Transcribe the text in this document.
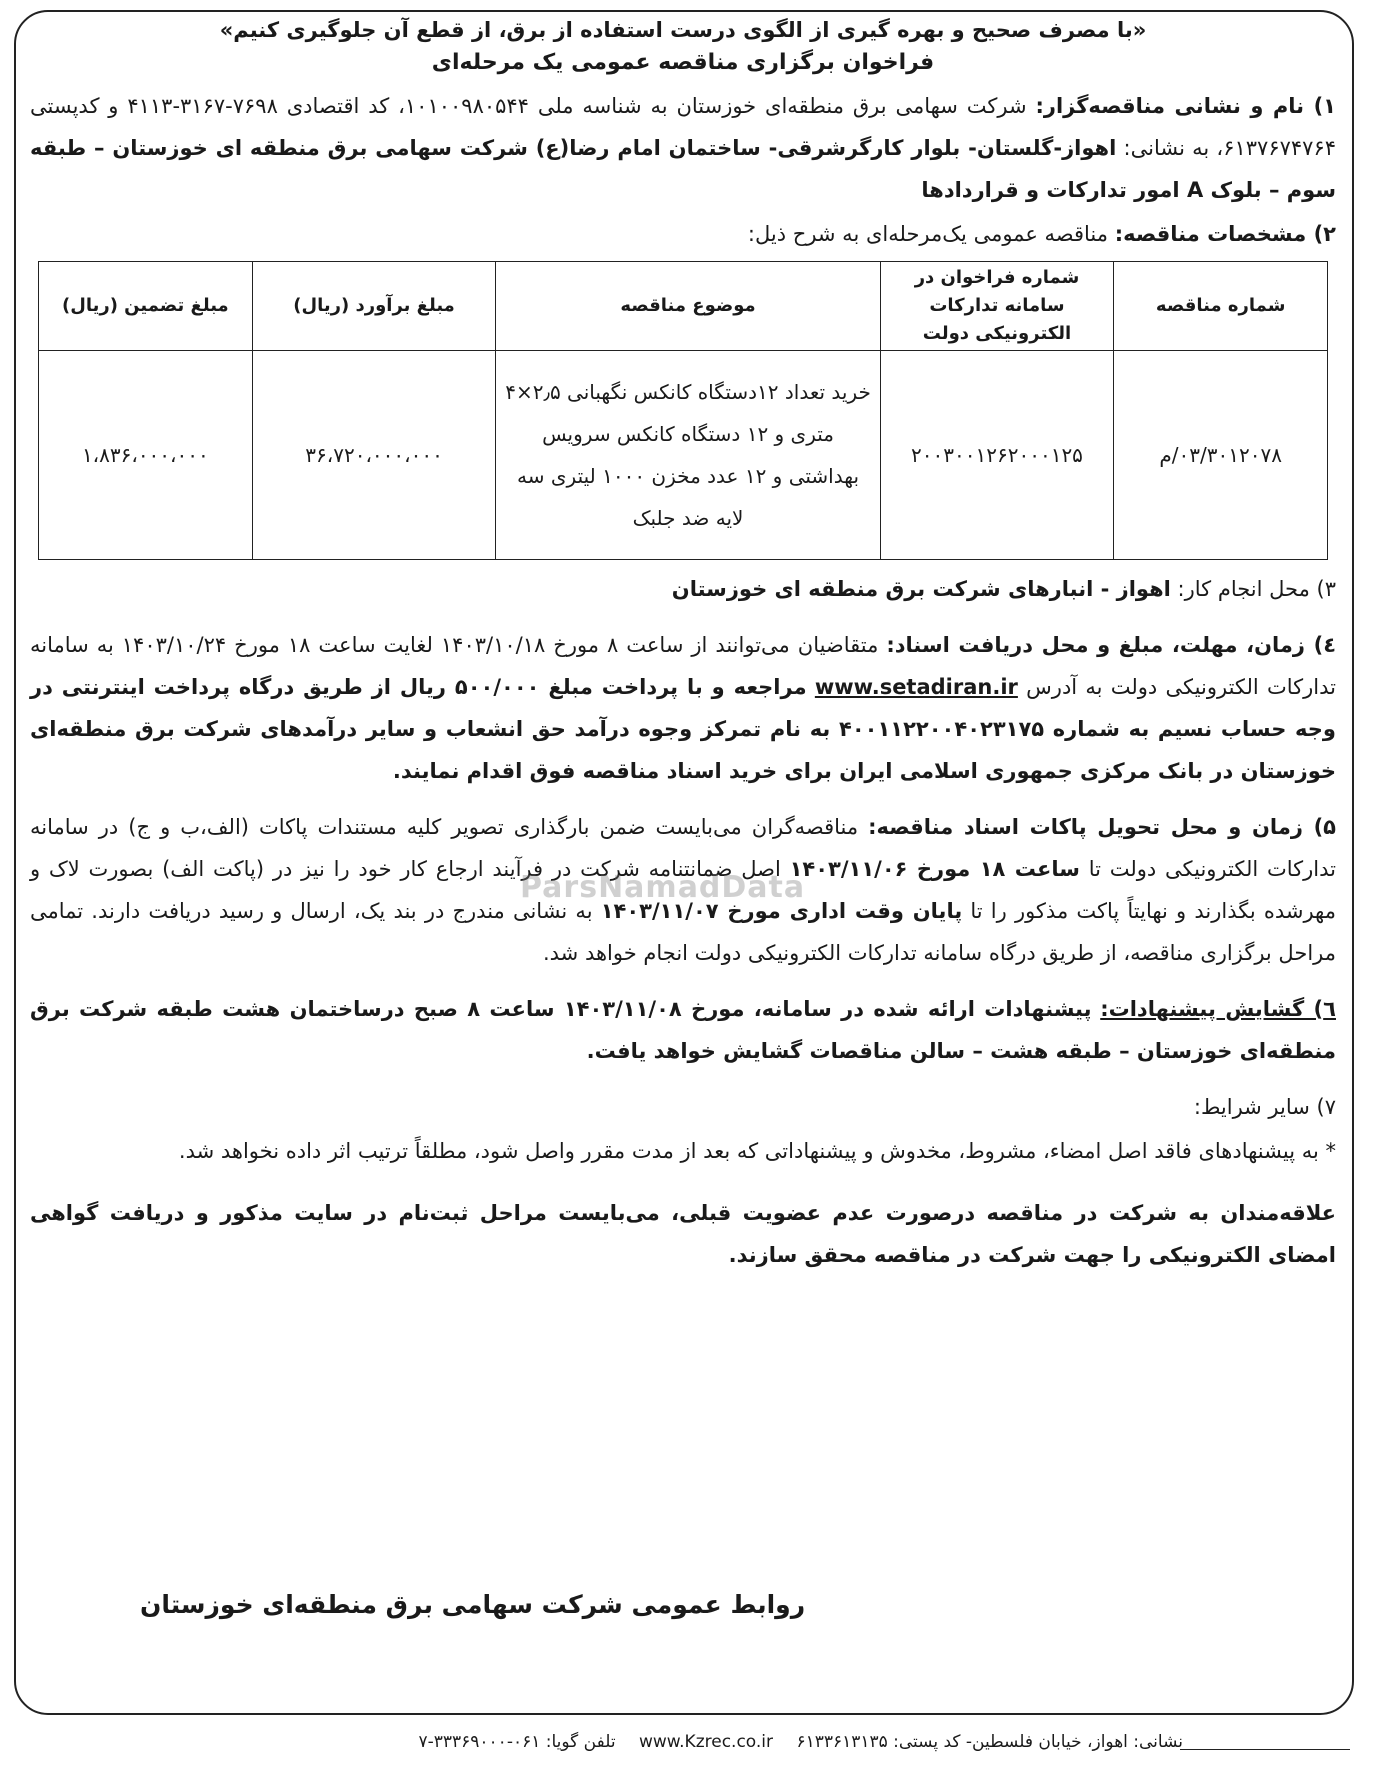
«با مصرف صحیح و بهره گیری از الگوی درست استفاده از برق، از قطع آن جلوگیری کنیم»
فراخوان برگزاری مناقصه عمومی یک مرحله‌ای
۱) نام و نشانی مناقصه‌گزار: شرکت سهامی برق منطقه‌ای خوزستان به شناسه ملی ۱۰۱۰۰۹۸۰۵۴۴، کد اقتصادی ۷۶۹۸-۳۱۶۷-۴۱۱۳ و کدپستی ۶۱۳۷۶۷۴۷۶۴، به نشانی: اهواز-گلستان- بلوار کارگرشرقی- ساختمان امام رضا(ع) شرکت سهامی برق منطقه ای خوزستان – طبقه سوم – بلوک A امور تدارکات و قراردادها
۲) مشخصات مناقصه: مناقصه عمومی یک‌مرحله‌ای به شرح ذیل:
شماره مناقصه	شماره فراخوان در سامانه تدارکات الکترونیکی دولت	موضوع مناقصه	مبلغ برآورد (ریال)	مبلغ تضمین (ریال)
۰۳/۳۰۱۲۰۷۸/م	۲۰۰۳۰۰۱۲۶۲۰۰۰۱۲۵	خرید تعداد ۱۲دستگاه کانکس نگهبانی ۲٫۵×۴ متری و ۱۲ دستگاه کانکس سرویس بهداشتی و ۱۲ عدد مخزن ۱۰۰۰ لیتری سه لایه ضد جلبک	۳۶،۷۲۰،۰۰۰،۰۰۰	۱،۸۳۶،۰۰۰،۰۰۰
۳) محل انجام کار: اهواز - انبارهای شرکت برق منطقه ای خوزستان
٤) زمان، مهلت، مبلغ و محل دریافت اسناد: متقاضیان می‌توانند از ساعت ۸ مورخ ۱۴۰۳/۱۰/۱۸ لغایت ساعت ۱۸ مورخ ۱۴۰۳/۱۰/۲۴ به سامانه تدارکات الکترونیکی دولت به آدرس www.setadiran.ir مراجعه و با پرداخت مبلغ ۵۰۰/۰۰۰ ریال از طریق درگاه پرداخت اینترنتی در وجه حساب نسیم به شماره ۴۰۰۱۱۲۲۰۰۴۰۲۳۱۷۵ به نام تمرکز وجوه درآمد حق انشعاب و سایر درآمدهای شرکت برق منطقه‌ای خوزستان در بانک مرکزی جمهوری اسلامی ایران برای خرید اسناد مناقصه فوق اقدام نمایند.
۵) زمان و محل تحویل پاکات اسناد مناقصه: مناقصه‌گران می‌بایست ضمن بارگذاری تصویر کلیه مستندات پاکات (الف،ب و ج) در سامانه تدارکات الکترونیکی دولت تا ساعت ۱۸ مورخ ۱۴۰۳/۱۱/۰۶ اصل ضمانتنامه شرکت در فرآیند ارجاع کار خود را نیز در (پاکت الف) بصورت لاک و مهرشده بگذارند و نهایتاً پاکت مذکور را تا پایان وقت اداری مورخ ۱۴۰۳/۱۱/۰۷ به نشانی مندرج در بند یک، ارسال و رسید دریافت دارند. تمامی مراحل برگزاری مناقصه، از طریق درگاه سامانه تدارکات الکترونیکی دولت انجام خواهد شد.
٦) گشایش پیشنهادات: پیشنهادات ارائه شده در سامانه، مورخ ۱۴۰۳/۱۱/۰۸ ساعت ۸ صبح درساختمان هشت طبقه شرکت برق منطقه‌ای خوزستان – طبقه هشت – سالن مناقصات گشایش خواهد یافت.
۷) سایر شرایط:
* به پیشنهادهای فاقد اصل امضاء، مشروط، مخدوش و پیشنهاداتی که بعد از مدت مقرر واصل شود، مطلقاً ترتیب اثر داده نخواهد شد.
علاقه‌مندان به شرکت در مناقصه درصورت عدم عضویت قبلی، می‌بایست مراحل ثبت‌نام در سایت مذکور و دریافت گواهی امضای الکترونیکی را جهت شرکت در مناقصه محقق سازند.
ParsNamadData
روابط عمومی شرکت سهامی برق منطقه‌ای خوزستان
نشانی: اهواز، خیابان فلسطین- کد پستی: ۶۱۳۳۶۱۳۱۳۵ www.Kzrec.co.ir تلفن گویا: ۰۶۱-۳۳۳۶۹۰۰۰-۷
